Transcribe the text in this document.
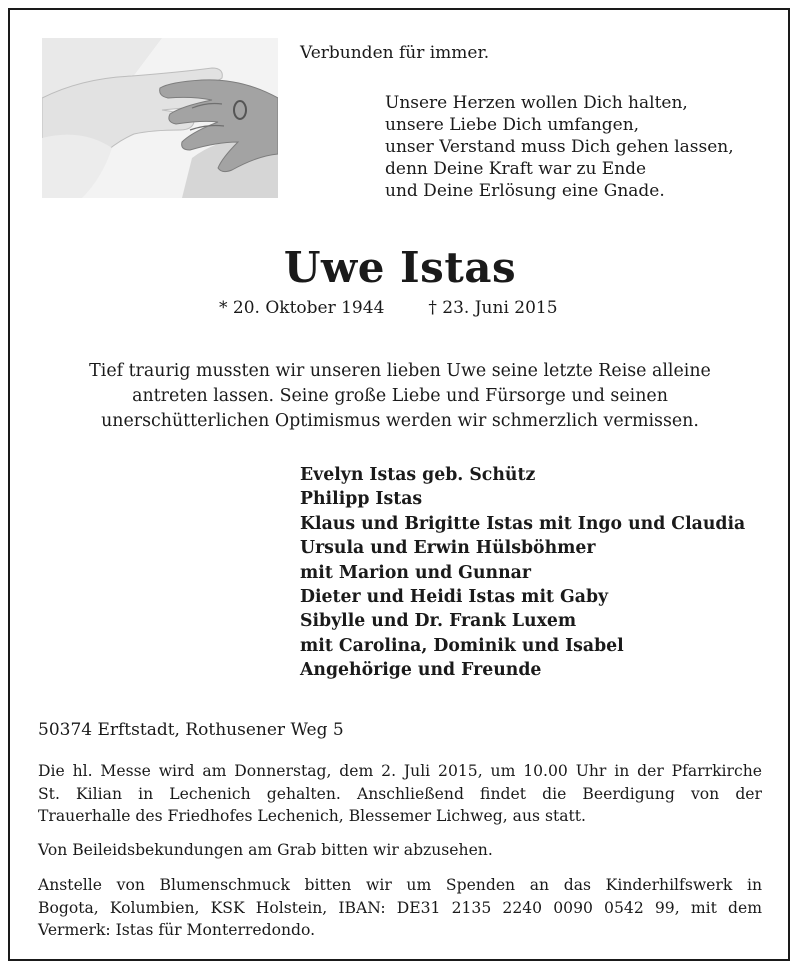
Verbunden für immer.
Unsere Herzen wollen Dich halten,
unsere Liebe Dich umfangen,
unser Verstand muss Dich gehen lassen,
denn Deine Kraft war zu Ende
und Deine Erlösung eine Gnade.
Uwe Istas
* 20. Oktober 1944	† 23. Juni 2015
Tief traurig mussten wir unseren lieben Uwe seine letzte Reise alleine
antreten lassen. Seine große Liebe und Fürsorge und seinen
unerschütterlichen Optimismus werden wir schmerzlich vermissen.
Evelyn Istas geb. Schütz
Philipp Istas
Klaus und Brigitte Istas mit Ingo und Claudia
Ursula und Erwin Hülsböhmer
mit Marion und Gunnar
Dieter und Heidi Istas mit Gaby
Sibylle und Dr. Frank Luxem
mit Carolina, Dominik und Isabel
Angehörige und Freunde
50374 Erftstadt, Rothusener Weg 5
Die hl. Messe wird am Donnerstag, dem 2. Juli 2015, um 10.00 Uhr in der Pfarrkirche
St. Kilian in Lechenich gehalten. Anschließend findet die Beerdigung von der
Trauerhalle des Friedhofes Lechenich, Blessemer Lichweg, aus statt.
Von Beileidsbekundungen am Grab bitten wir abzusehen.
Anstelle von Blumenschmuck bitten wir um Spenden an das Kinderhilfswerk in
Bogota, Kolumbien, KSK Holstein, IBAN: DE31 2135 2240 0090 0542 99, mit dem
Vermerk: Istas für Monterredondo.
